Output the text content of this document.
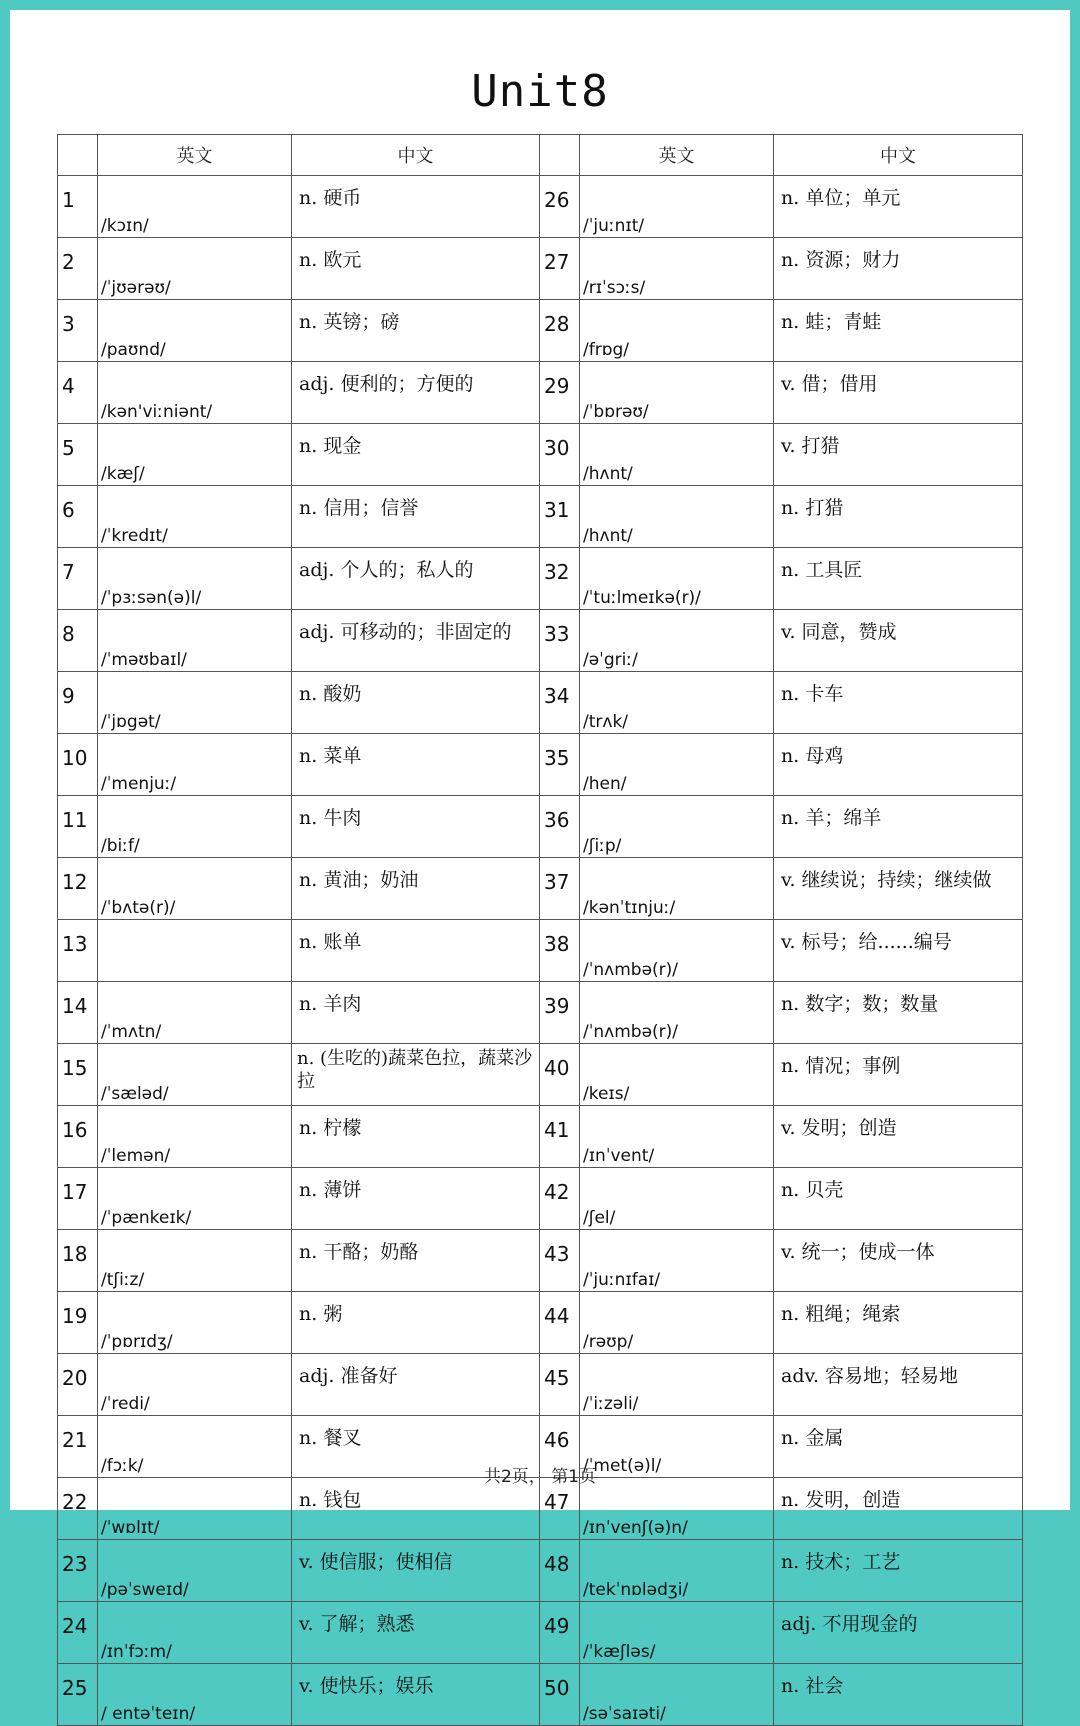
Unit8
	英文	中文		英文	中文
1	/kɔɪn/	n. 硬币	26	/ˈjuːnɪt/	n. 单位；单元
2	/ˈjʊərəʊ/	n. 欧元	27	/rɪˈsɔːs/	n. 资源；财力
3	/paʊnd/	n. 英镑；磅	28	/frɒg/	n. 蛙；青蛙
4	/kən'viːniənt/	adj. 便利的；方便的	29	/ˈbɒrəʊ/	v. 借；借用
5	/kæʃ/	n. 现金	30	/hʌnt/	v. 打猎
6	/ˈkredɪt/	n. 信用；信誉	31	/hʌnt/	n. 打猎
7	/ˈpɜːsən(ə)l/	adj. 个人的；私人的	32	/ˈtuːlmeɪkə(r)/	n. 工具匠
8	/ˈməʊbaɪl/	adj. 可移动的；非固定的	33	/əˈgriː/	v. 同意，赞成
9	/ˈjɒgət/	n. 酸奶	34	/trʌk/	n. 卡车
10	/ˈmenjuː/	n. 菜单	35	/hen/	n. 母鸡
11	/biːf/	n. 牛肉	36	/ʃiːp/	n. 羊；绵羊
12	/ˈbʌtə(r)/	n. 黄油；奶油	37	/kənˈtɪnjuː/	v. 继续说；持续；继续做
13		n. 账单	38	/ˈnʌmbə(r)/	v. 标号；给......编号
14	/ˈmʌtn/	n. 羊肉	39	/ˈnʌmbə(r)/	n. 数字；数；数量
15	/ˈsæləd/	n. (生吃的)蔬菜色拉，蔬菜沙拉	40	/keɪs/	n. 情况；事例
16	/ˈlemən/	n. 柠檬	41	/ɪnˈvent/	v. 发明；创造
17	/ˈpænkeɪk/	n. 薄饼	42	/ʃel/	n. 贝壳
18	/tʃiːz/	n. 干酪；奶酪	43	/ˈjuːnɪfaɪ/	v. 统一；使成一体
19	/ˈpɒrɪdʒ/	n. 粥	44	/rəʊp/	n. 粗绳；绳索
20	/ˈredi/	adj. 准备好	45	/ˈiːzəli/	adv. 容易地；轻易地
21	/fɔːk/	n. 餐叉	46	/ˈmet(ə)l/	n. 金属
22	/ˈwɒlɪt/	n. 钱包	47	/ɪnˈvenʃ(ə)n/	n. 发明，创造
23	/pəˈsweɪd/	v. 使信服；使相信	48	/tekˈnɒlədʒi/	n. 技术；工艺
24	/ɪnˈfɔːm/	v. 了解；熟悉	49	/ˈkæʃləs/	adj. 不用现金的
25	/ entəˈteɪn/	v. 使快乐；娱乐	50	/səˈsaɪəti/	n. 社会
共2页， 第1页
